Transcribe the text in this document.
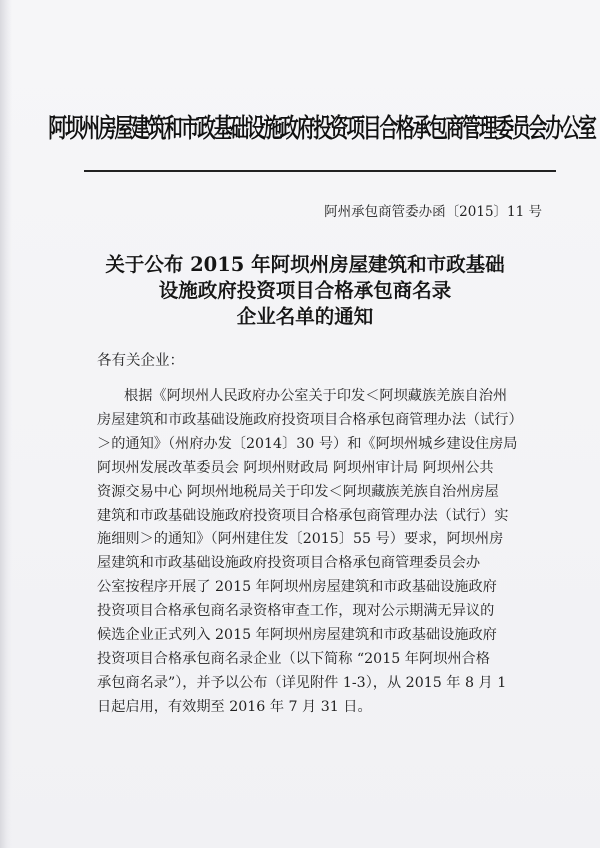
阿坝州房屋建筑和市政基础设施政府投资项目合格承包商管理委员会办公室
阿州承包商管委办函〔2015〕11 号
关于公布 2015 年阿坝州房屋建筑和市政基础
设施政府投资项目合格承包商名录
企业名单的通知
各有关企业：
根据《阿坝州人民政府办公室关于印发＜阿坝藏族羌族自治州
房屋建筑和市政基础设施政府投资项目合格承包商管理办法（试行）
＞的通知》（州府办发〔2014〕30 号）和《阿坝州城乡建设住房局
阿坝州发展改革委员会 阿坝州财政局 阿坝州审计局 阿坝州公共
资源交易中心 阿坝州地税局关于印发＜阿坝藏族羌族自治州房屋
建筑和市政基础设施政府投资项目合格承包商管理办法（试行）实
施细则＞的通知》（阿州建住发〔2015〕55 号）要求，阿坝州房
屋建筑和市政基础设施政府投资项目合格承包商管理委员会办
公室按程序开展了 2015 年阿坝州房屋建筑和市政基础设施政府
投资项目合格承包商名录资格审查工作，现对公示期满无异议的
候选企业正式列入 2015 年阿坝州房屋建筑和市政基础设施政府
投资项目合格承包商名录企业（以下简称 “2015 年阿坝州合格
承包商名录”），并予以公布（详见附件 1-3），从 2015 年 8 月 1
日起启用，有效期至 2016 年 7 月 31 日。
